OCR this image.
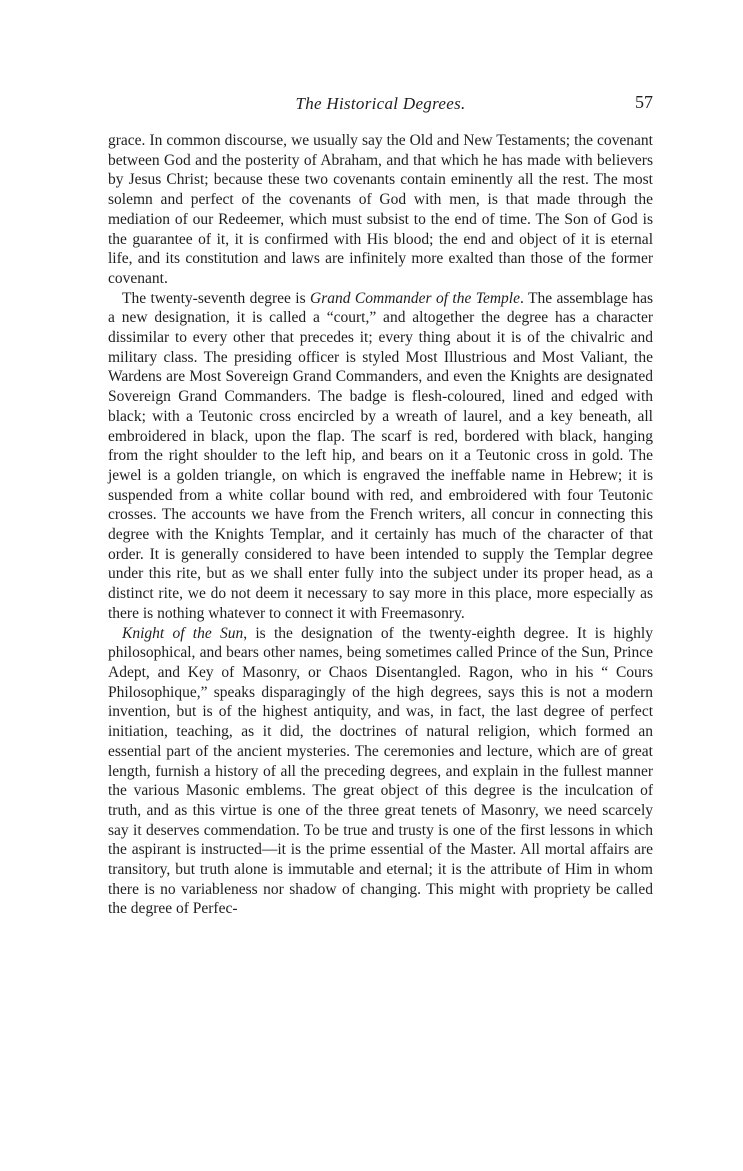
The Historical Degrees.	57

grace. In common discourse, we usually say the Old and New Testaments; the covenant between God and the posterity of Abraham, and that which he has made with believers by Jesus Christ; because these two covenants contain eminently all the rest. The most solemn and perfect of the covenants of God with men, is that made through the mediation of our Redeemer, which must subsist to the end of time. The Son of God is the guarantee of it, it is confirmed with His blood; the end and object of it is eternal life, and its constitution and laws are infinitely more exalted than those of the former covenant.

The twenty-seventh degree is Grand Commander of the Temple. The assemblage has a new designation, it is called a “court,” and altogether the degree has a character dissimilar to every other that precedes it; every thing about it is of the chivalric and military class. The presiding officer is styled Most Illustrious and Most Valiant, the Wardens are Most Sovereign Grand Commanders, and even the Knights are designated Sovereign Grand Commanders. The badge is flesh-coloured, lined and edged with black; with a Teutonic cross encircled by a wreath of laurel, and a key beneath, all embroidered in black, upon the flap. The scarf is red, bordered with black, hanging from the right shoulder to the left hip, and bears on it a Teutonic cross in gold. The jewel is a golden triangle, on which is engraved the ineffable name in Hebrew; it is suspended from a white collar bound with red, and embroidered with four Teutonic crosses. The accounts we have from the French writers, all concur in connecting this degree with the Knights Templar, and it certainly has much of the character of that order. It is generally considered to have been intended to supply the Templar degree under this rite, but as we shall enter fully into the subject under its proper head, as a distinct rite, we do not deem it necessary to say more in this place, more especially as there is nothing whatever to connect it with Freemasonry.

Knight of the Sun, is the designation of the twenty-eighth degree. It is highly philosophical, and bears other names, being sometimes called Prince of the Sun, Prince Adept, and Key of Masonry, or Chaos Disentangled. Ragon, who in his “ Cours Philosophique,” speaks disparagingly of the high degrees, says this is not a modern invention, but is of the highest antiquity, and was, in fact, the last degree of perfect initiation, teaching, as it did, the doctrines of natural religion, which formed an essential part of the ancient mysteries. The ceremonies and lecture, which are of great length, furnish a history of all the preceding degrees, and explain in the fullest manner the various Masonic emblems. The great object of this degree is the inculcation of truth, and as this virtue is one of the three great tenets of Masonry, we need scarcely say it deserves commendation. To be true and trusty is one of the first lessons in which the aspirant is instructed—it is the prime essential of the Master. All mortal affairs are transitory, but truth alone is immutable and eternal; it is the attribute of Him in whom there is no variableness nor shadow of changing. This might with propriety be called the degree of Perfec-
